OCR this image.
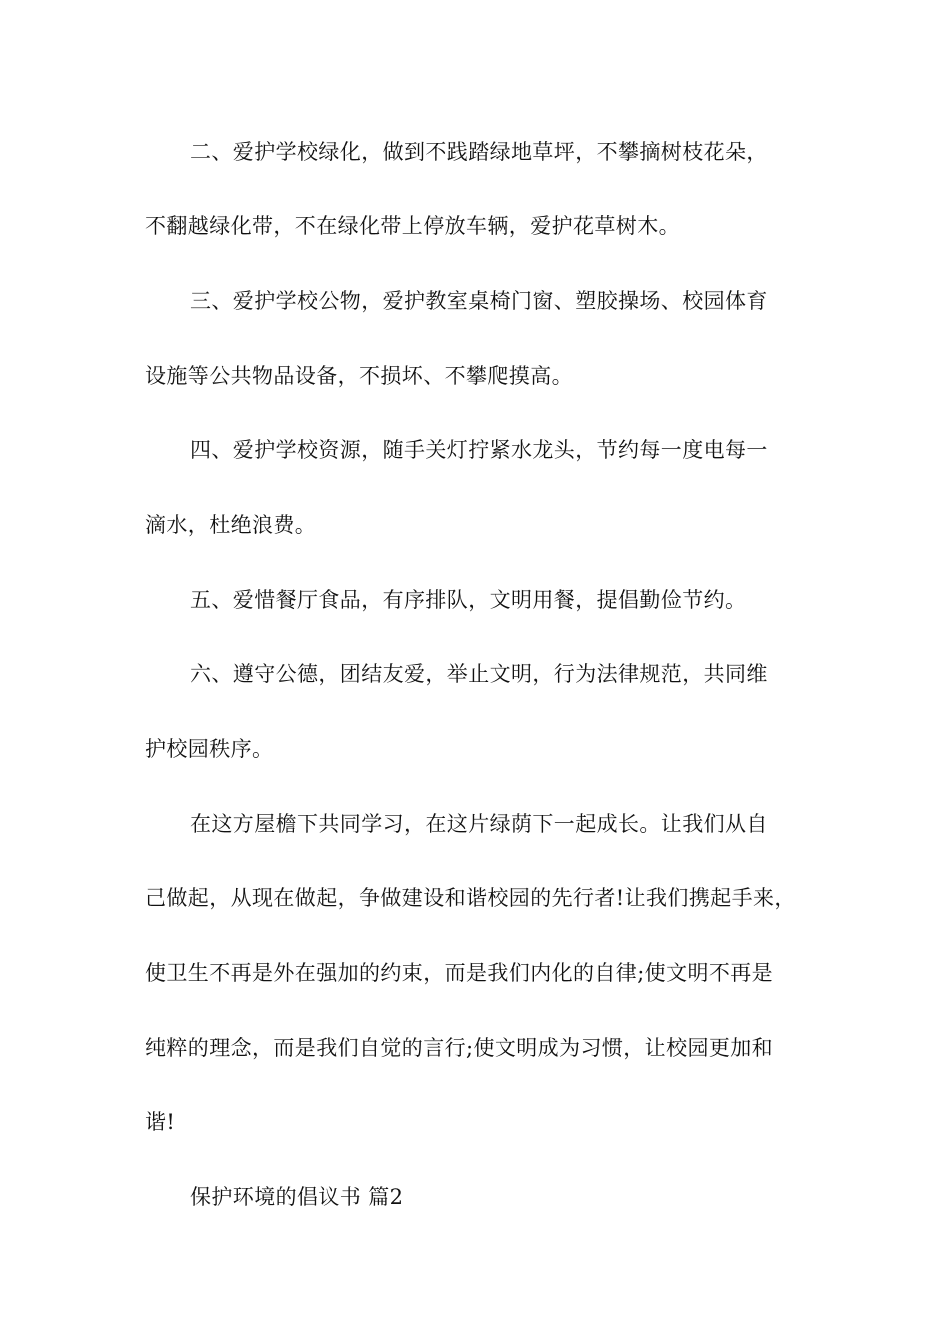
二、爱护学校绿化，做到不践踏绿地草坪，不攀摘树枝花朵，
不翻越绿化带，不在绿化带上停放车辆，爱护花草树木。
三、爱护学校公物，爱护教室桌椅门窗、塑胶操场、校园体育
设施等公共物品设备，不损坏、不攀爬摸高。
四、爱护学校资源，随手关灯拧紧水龙头，节约每一度电每一
滴水，杜绝浪费。
五、爱惜餐厅食品，有序排队，文明用餐，提倡勤俭节约。
六、遵守公德，团结友爱，举止文明，行为法律规范，共同维
护校园秩序。
在这方屋檐下共同学习，在这片绿荫下一起成长。让我们从自
己做起，从现在做起，争做建设和谐校园的先行者!让我们携起手来，
使卫生不再是外在强加的约束，而是我们内化的自律;使文明不再是
纯粹的理念，而是我们自觉的言行;使文明成为习惯，让校园更加和
谐!
保护环境的倡议书 篇2
